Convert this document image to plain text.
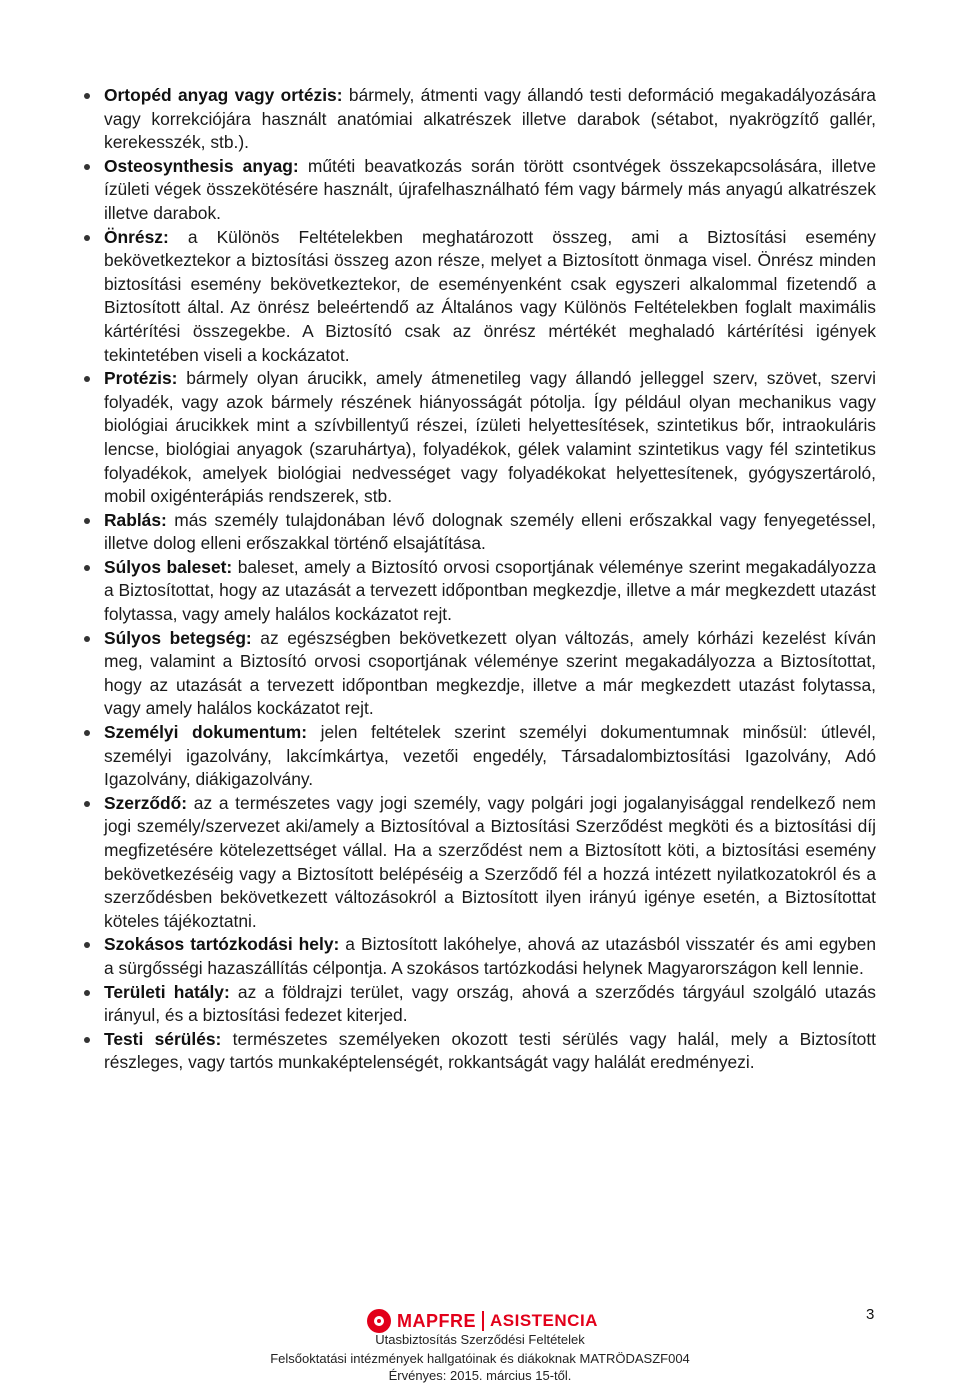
Ortopéd anyag vagy ortézis: bármely, átmenti vagy állandó testi deformáció megakadályozására vagy korrekciójára használt anatómiai alkatrészek illetve darabok (sétabot, nyakrögzítő gallér, kerekesszék, stb.).
Osteosynthesis anyag: műtéti beavatkozás során törött csontvégek összekapcsolására, illetve ízületi végek összekötésére használt, újrafelhasználható fém vagy bármely más anyagú alkatrészek illetve darabok.
Önrész: a Különös Feltételekben meghatározott összeg, ami a Biztosítási esemény bekövetkeztekor a biztosítási összeg azon része, melyet a Biztosított önmaga visel. Önrész minden biztosítási esemény bekövetkeztekor, de eseményenként csak egyszeri alkalommal fizetendő a Biztosított által. Az önrész beleértendő az Általános vagy Különös Feltételekben foglalt maximális kártérítési összegekbe. A Biztosító csak az önrész mértékét meghaladó kártérítési igények tekintetében viseli a kockázatot.
Protézis: bármely olyan árucikk, amely átmenetileg vagy állandó jelleggel szerv, szövet, szervi folyadék, vagy azok bármely részének hiányosságát pótolja. Így például olyan mechanikus vagy biológiai árucikkek mint a szívbillentyű részei, ízületi helyettesítések, szintetikus bőr, intraokuláris lencse, biológiai anyagok (szaruhártya), folyadékok, gélek valamint szintetikus vagy fél szintetikus folyadékok, amelyek biológiai nedvességet vagy folyadékokat helyettesítenek, gyógyszertároló, mobil oxigénterápiás rendszerek, stb.
Rablás: más személy tulajdonában lévő dolognak személy elleni erőszakkal vagy fenyegetéssel, illetve dolog elleni erőszakkal történő elsajátítása.
Súlyos baleset: baleset, amely a Biztosító orvosi csoportjának véleménye szerint megakadályozza a Biztosítottat, hogy az utazását a tervezett időpontban megkezdje, illetve a már megkezdett utazást folytassa, vagy amely halálos kockázatot rejt.
Súlyos betegség: az egészségben bekövetkezett olyan változás, amely kórházi kezelést kíván meg, valamint a Biztosító orvosi csoportjának véleménye szerint megakadályozza a Biztosítottat, hogy az utazását a tervezett időpontban megkezdje, illetve a már megkezdett utazást folytassa, vagy amely halálos kockázatot rejt.
Személyi dokumentum: jelen feltételek szerint személyi dokumentumnak minősül: útlevél, személyi igazolvány, lakcímkártya, vezetői engedély, Társadalombiztosítási Igazolvány, Adó Igazolvány, diákigazolvány.
Szerződő: az a természetes vagy jogi személy, vagy polgári jogi jogalanyisággal rendelkező nem jogi személy/szervezet aki/amely a Biztosítóval a Biztosítási Szerződést megköti és a biztosítási díj megfizetésére kötelezettséget vállal. Ha a szerződést nem a Biztosított köti, a biztosítási esemény bekövetkezéséig vagy a Biztosított belépéséig a Szerződő fél a hozzá intézett nyilatkozatokról és a szerződésben bekövetkezett változásokról a Biztosított ilyen irányú igénye esetén, a Biztosítottat köteles tájékoztatni.
Szokásos tartózkodási hely: a Biztosított lakóhelye, ahová az utazásból visszatér és ami egyben a sürgősségi hazaszállítás célpontja. A szokásos tartózkodási helynek Magyarországon kell lennie.
Területi hatály: az a földrajzi terület, vagy ország, ahová a szerződés tárgyául szolgáló utazás irányul, és a biztosítási fedezet kiterjed.
Testi sérülés: természetes személyeken okozott testi sérülés vagy halál, mely a Biztosított részleges, vagy tartós munkaképtelenségét, rokkantságát vagy halálát eredményezi.
MAPFRE ASISTENCIA
Utasbiztosítás Szerződési Feltételek
Felsőoktatási intézmények hallgatóinak és diákoknak MATRÖDASZF004
Érvényes: 2015. március 15-től.
3
